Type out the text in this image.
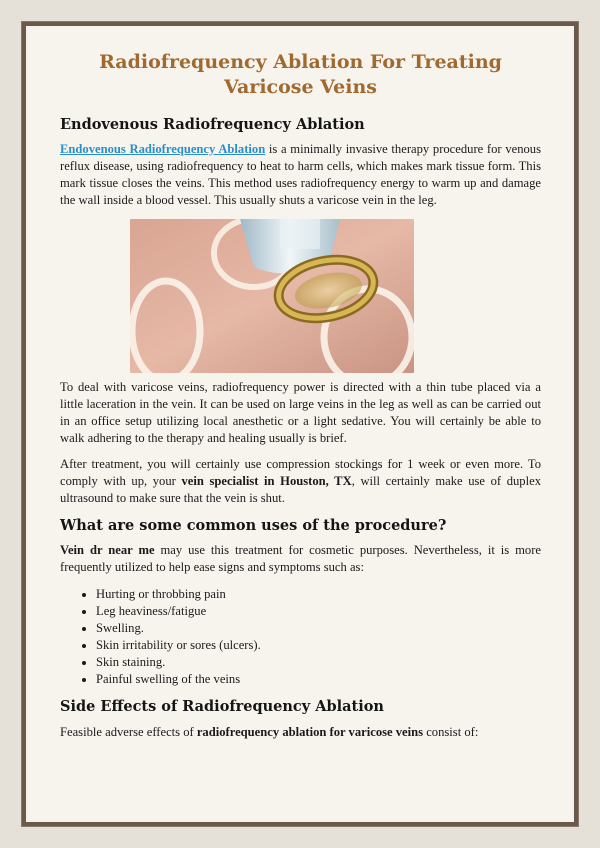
Radiofrequency Ablation For Treating Varicose Veins
Endovenous Radiofrequency Ablation

Endovenous Radiofrequency Ablation is a minimally invasive therapy procedure for venous reflux disease, using radiofrequency to heat to harm cells, which makes mark tissue form. This mark tissue closes the veins. This method uses radiofrequency energy to warm up and damage the wall inside a blood vessel. This usually shuts a varicose vein in the leg.

To deal with varicose veins, radiofrequency power is directed with a thin tube placed via a little laceration in the vein. It can be used on large veins in the leg as well as can be carried out in an office setup utilizing local anesthetic or a light sedative. You will certainly be able to walk adhering to the therapy and healing usually is brief.

After treatment, you will certainly use compression stockings for 1 week or even more. To comply with up, your vein specialist in Houston, TX, will certainly make use of duplex ultrasound to make sure that the vein is shut.

What are some common uses of the procedure?

Vein dr near me may use this treatment for cosmetic purposes. Nevertheless, it is more frequently utilized to help ease signs and symptoms such as:

• Hurting or throbbing pain
• Leg heaviness/fatigue
• Swelling.
• Skin irritability or sores (ulcers).
• Skin staining.
• Painful swelling of the veins
Side Effects of Radiofrequency Ablation

Feasible adverse effects of radiofrequency ablation for varicose veins consist of:
